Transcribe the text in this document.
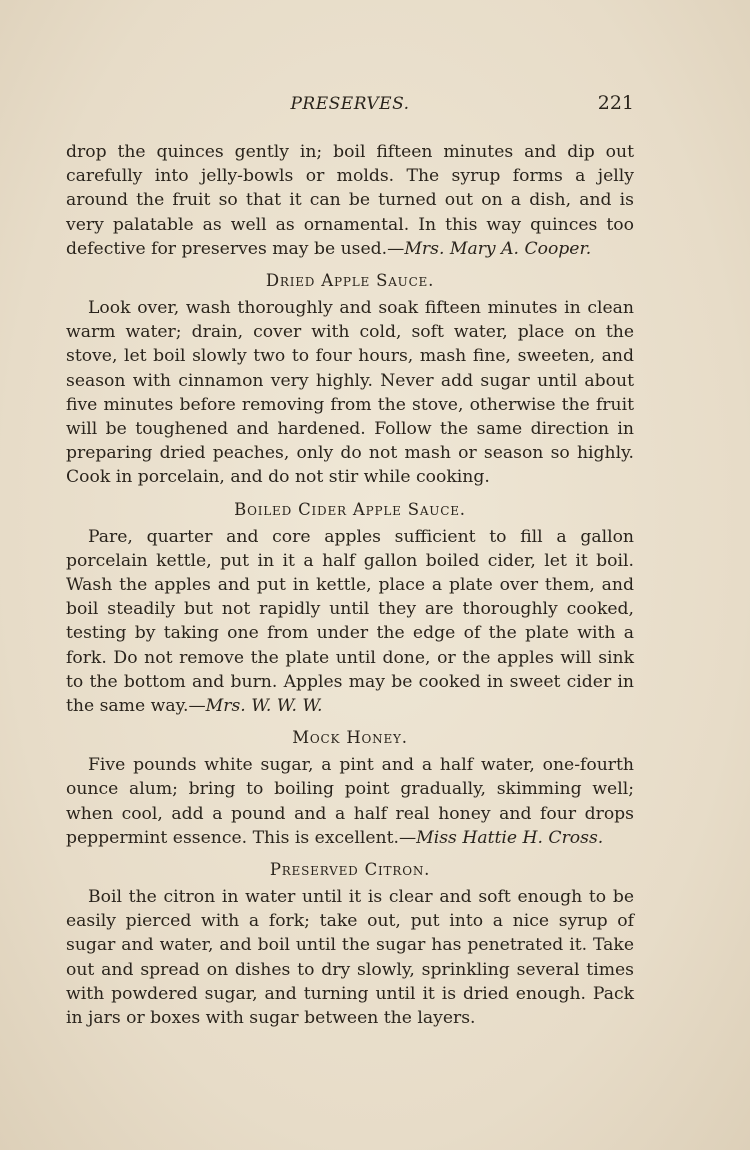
PRESERVES.	221

drop the quinces gently in; boil fifteen minutes and dip out carefully into jelly-bowls or molds. The syrup forms a jelly around the fruit so that it can be turned out on a dish, and is very palatable as well as ornamental. In this way quinces too defective for preserves may be used.—Mrs. Mary A. Cooper.

Dried Apple Sauce.

Look over, wash thoroughly and soak fifteen minutes in clean warm water; drain, cover with cold, soft water, place on the stove, let boil slowly two to four hours, mash fine, sweeten, and season with cinnamon very highly. Never add sugar until about five minutes before removing from the stove, otherwise the fruit will be toughened and hardened. Follow the same direction in preparing dried peaches, only do not mash or season so highly. Cook in porcelain, and do not stir while cooking.

Boiled Cider Apple Sauce.

Pare, quarter and core apples sufficient to fill a gallon porcelain kettle, put in it a half gallon boiled cider, let it boil. Wash the apples and put in kettle, place a plate over them, and boil steadily but not rapidly until they are thoroughly cooked, testing by taking one from under the edge of the plate with a fork. Do not remove the plate until done, or the apples will sink to the bottom and burn. Apples may be cooked in sweet cider in the same way.—Mrs. W. W. W.

Mock Honey.

Five pounds white sugar, a pint and a half water, one-fourth ounce alum; bring to boiling point gradually, skimming well; when cool, add a pound and a half real honey and four drops peppermint essence. This is excellent.—Miss Hattie H. Cross.

Preserved Citron.

Boil the citron in water until it is clear and soft enough to be easily pierced with a fork; take out, put into a nice syrup of sugar and water, and boil until the sugar has penetrated it. Take out and spread on dishes to dry slowly, sprinkling several times with powdered sugar, and turning until it is dried enough. Pack in jars or boxes with sugar between the layers.
